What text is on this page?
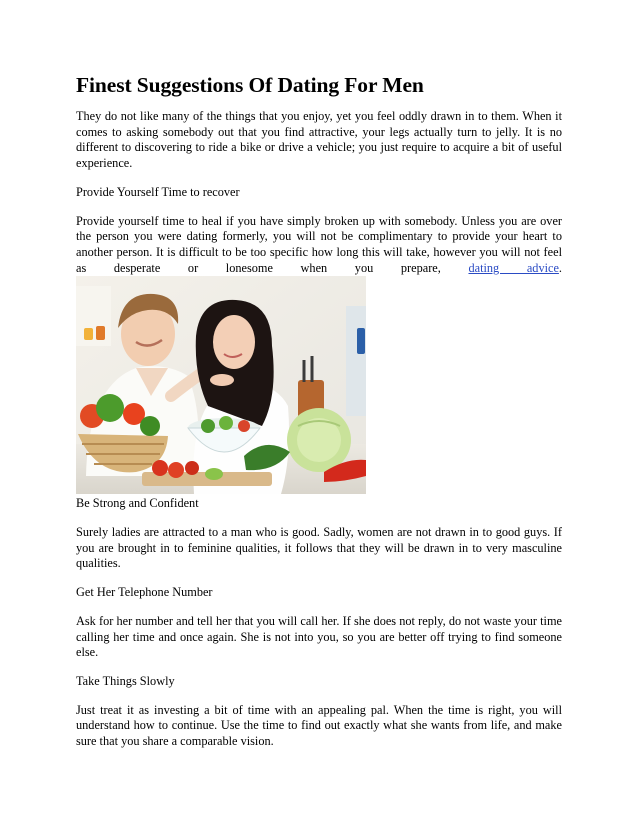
Finest Suggestions Of Dating For Men

They do not like many of the things that you enjoy, yet you feel oddly drawn in to them. When it comes to asking somebody out that you find attractive, your legs actually turn to jelly. It is no different to discovering to ride a bike or drive a vehicle; you just require to acquire a bit of useful experience.

Provide Yourself Time to recover

Provide yourself time to heal if you have simply broken up with somebody. Unless you are over the person you were dating formerly, you will not be complimentary to provide your heart to another person. It is difficult to be too specific how long this will take, however you will not feel as desperate or lonesome when you prepare, dating advice.

Be Strong and Confident

Surely ladies are attracted to a man who is good. Sadly, women are not drawn in to good guys. If you are brought in to feminine qualities, it follows that they will be drawn in to very masculine qualities.

Get Her Telephone Number

Ask for her number and tell her that you will call her. If she does not reply, do not waste your time calling her time and once again. She is not into you, so you are better off trying to find someone else.

Take Things Slowly

Just treat it as investing a bit of time with an appealing pal. When the time is right, you will understand how to continue. Use the time to find out exactly what she wants from life, and make sure that you share a comparable vision.
